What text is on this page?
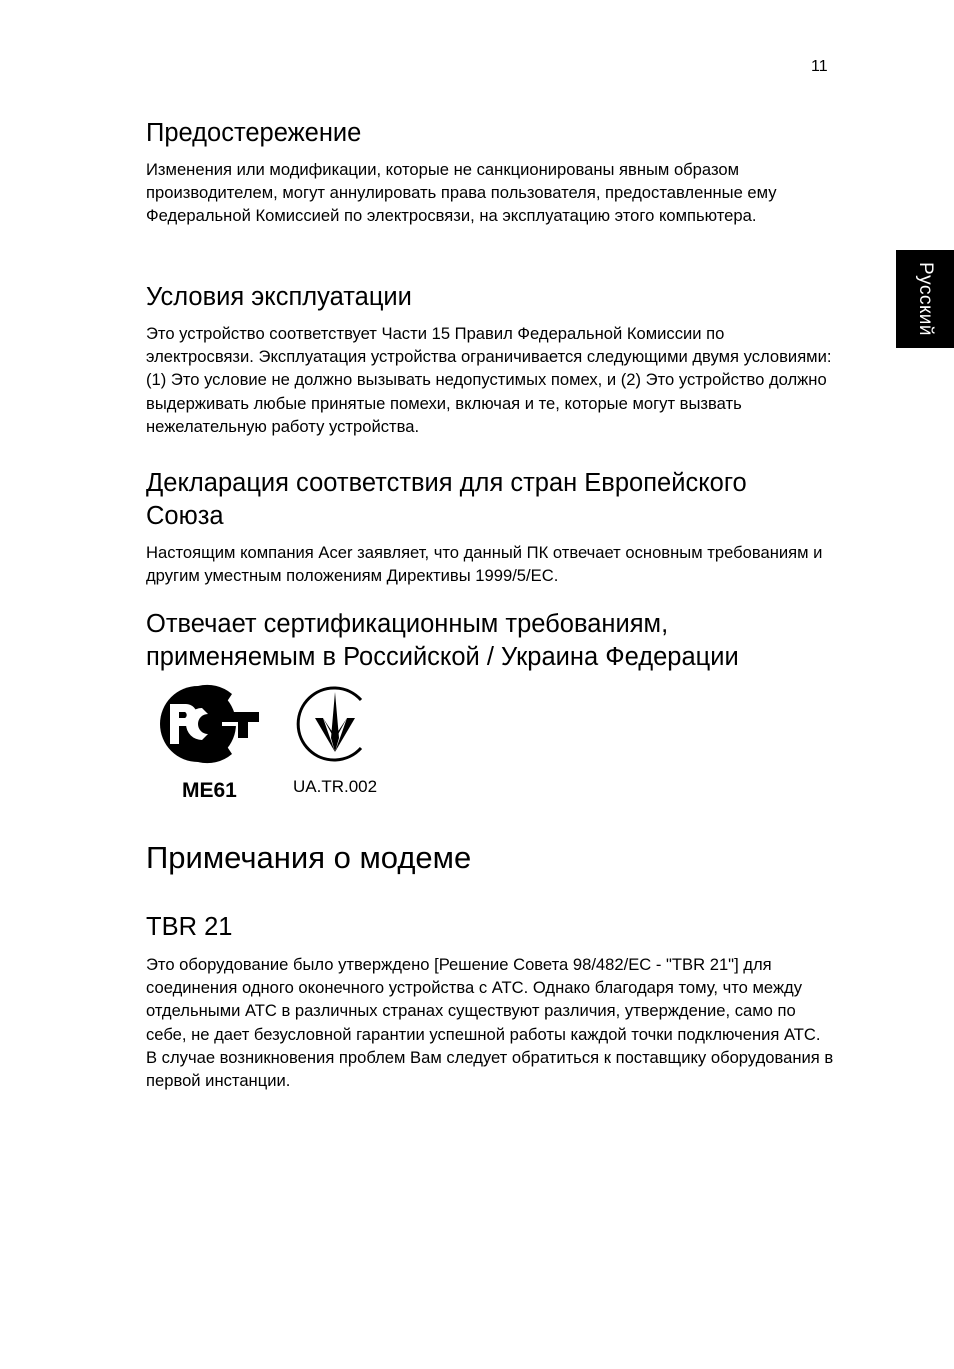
11
Русский
Предостережение

Изменения или модификации, которые не санкционированы явным образом производителем, могут аннулировать права пользователя, предоставленные ему Федеральной Комиссией по электросвязи, на эксплуатацию этого компьютера.

Условия эксплуатации

Это устройство соответствует Части 15 Правил Федеральной Комиссии по электросвязи. Эксплуатация устройства ограничивается следующими двумя условиями: (1) Это условие не должно вызывать недопустимых помех, и (2) Это устройство должно выдерживать любые принятые помехи, включая и те, которые могут вызвать нежелательную работу устройства.

Декларация соответствия для стран Европейского
Союза

Настоящим компания Acer заявляет, что данный ПК отвечает основным требованиям и другим уместным положениям Директивы 1999/5/EC.

Отвечает сертификационным требованиям,
применяемым в Российской / Украина Федерации
ME61	UA.TR.002
Примечания о модеме
TBR 21

Это оборудование было утверждено [Решение Совета 98/482/EC - "TBR 21"] для соединения одного оконечного устройства с АТС. Однако благодаря тому, что между отдельными АТС в различных странах существуют различия, утверждение, само по себе, не дает безусловной гарантии успешной работы каждой точки подключения АТС. В случае возникновения проблем Вам следует обратиться к поставщику оборудования в первой инстанции.
